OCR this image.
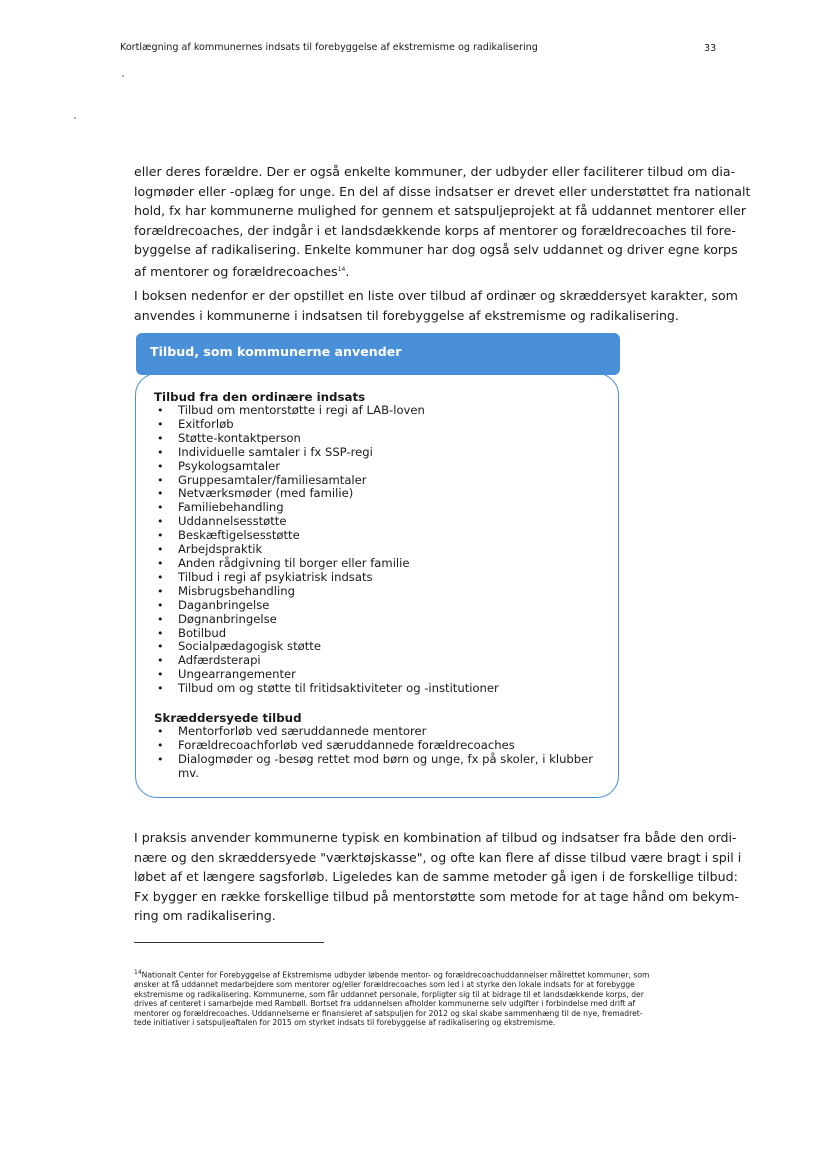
Kortlægning af kommunernes indsats til forebyggelse af ekstremisme og radikalisering	33

eller deres forældre. Der er også enkelte kommuner, der udbyder eller faciliterer tilbud om dia-
logmøder eller -oplæg for unge. En del af disse indsatser er drevet eller understøttet fra nationalt
hold, fx har kommunerne mulighed for gennem et satspuljeprojekt at få uddannet mentorer eller
forældrecoaches, der indgår i et landsdækkende korps af mentorer og forældrecoaches til fore-
byggelse af radikalisering. Enkelte kommuner har dog også selv uddannet og driver egne korps
af mentorer og forældrecoaches$^{14}$.

I boksen nedenfor er der opstillet en liste over tilbud af ordinær og skræddersyet karakter, som
anvendes i kommunerne i indsatsen til forebyggelse af ekstremisme og radikalisering.

Tilbud, som kommunerne anvender
Tilbud fra den ordinære indsats
• Tilbud om mentorstøtte i regi af LAB-loven
• Exitforløb
• Støtte-kontaktperson
• Individuelle samtaler i fx SSP-regi
• Psykologsamtaler
• Gruppesamtaler/familiesamtaler
• Netværksmøder (med familie)
• Familiebehandling
• Uddannelsesstøtte
• Beskæftigelsesstøtte
• Arbejdspraktik
• Anden rådgivning til borger eller familie
• Tilbud i regi af psykiatrisk indsats
• Misbrugsbehandling
• Daganbringelse
• Døgnanbringelse
• Botilbud
• Socialpædagogisk støtte
• Adfærdsterapi
• Ungearrangementer
• Tilbud om og støtte til fritidsaktiviteter og -institutioner
Skræddersyede tilbud
• Mentorforløb ved særuddannede mentorer
• Forældrecoachforløb ved særuddannede forældrecoaches
• Dialogmøder og -besøg rettet mod børn og unge, fx på skoler, i klubber
mv.

I praksis anvender kommunerne typisk en kombination af tilbud og indsatser fra både den ordi-
nære og den skræddersyede "værktøjskasse", og ofte kan flere af disse tilbud være bragt i spil i
løbet af et længere sagsforløb. Ligeledes kan de samme metoder gå igen i de forskellige tilbud:
Fx bygger en række forskellige tilbud på mentorstøtte som metode for at tage hånd om bekym-
ring om radikalisering.

$^{14}$Nationalt Center for Forebyggelse af Ekstremisme udbyder løbende mentor- og forældrecoachuddannelser målrettet kommuner, som
ønsker at få uddannet medarbejdere som mentorer og/eller forældrecoaches som led i at styrke den lokale indsats for at forebygge
ekstremisme og radikalisering. Kommunerne, som får uddannet personale, forpligter sig til at bidrage til et landsdækkende korps, der
drives af centeret i samarbejde med Rambøll. Bortset fra uddannelsen afholder kommunerne selv udgifter i forbindelse med drift af
mentorer og forældrecoaches. Uddannelserne er finansieret af satspuljen for 2012 og skal skabe sammenhæng til de nye, fremadret-
tede initiativer i satspuljeaftalen for 2015 om styrket indsats til forebyggelse af radikalisering og ekstremisme.
